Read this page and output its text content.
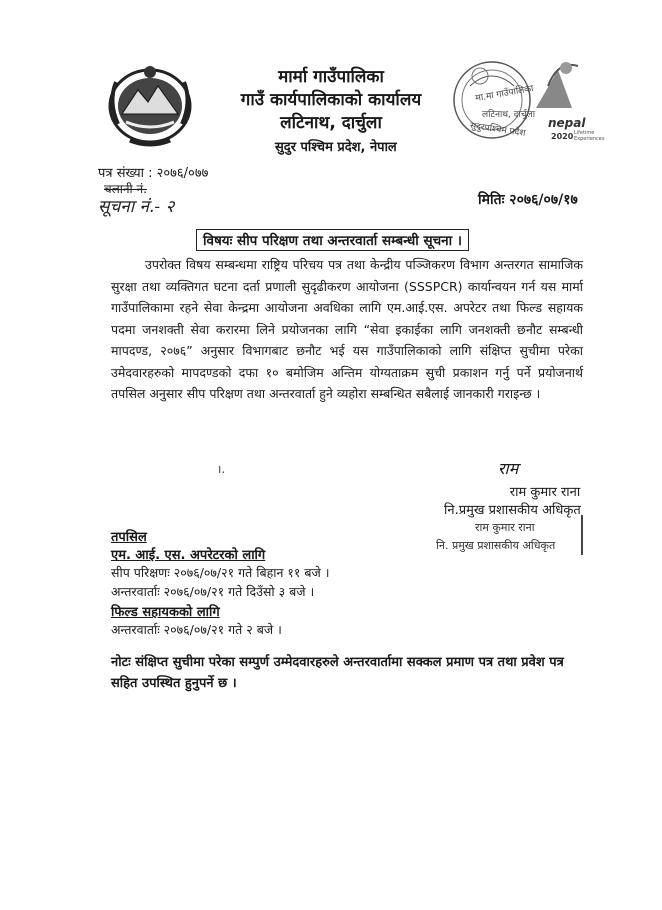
मा.मा गाउँपालिका
लटिनाथ, दार्चुला
सुदुरपश्चिम प्रदेश nepal
2020 Lifetime Experiences
मार्मा गाउँपालिका
गाउँ कार्यपालिकाको कार्यालय
लटिनाथ, दार्चुला
सुदुर पश्चिम प्रदेश, नेपाल
पत्र संख्या : २०७६/०७७
चलानी नं.
सूचना नं.- २	मितिः २०७६/०७/१७
विषयः सीप परिक्षण तथा अन्तरवार्ता सम्बन्धी सूचना ।
उपरोक्त विषय सम्बन्धमा राष्ट्रिय परिचय पत्र तथा केन्द्रीय पञ्जिकरण विभाग अन्तरगत सामाजिक सुरक्षा तथा व्यक्तिगत घटना दर्ता प्रणाली सुदृढीकरण आयोजना (SSSPCR) कार्यान्वयन गर्न यस मार्मा गाउँपालिकामा रहने सेवा केन्द्रमा आयोजना अवधिका लागि एम.आई.एस. अपरेटर तथा फिल्ड सहायक पदमा जनशक्ती सेवा करारमा लिने प्रयोजनका लागि “सेवा इकाईका लागि जनशक्ती छनौट सम्बन्धी मापदण्ड, २०७६” अनुसार विभागबाट छनौट भई यस गाउँपालिकाको लागि संक्षिप्त सुचीमा परेका उमेदवारहरुको मापदण्डको दफा १० बमोजिम अन्तिम योग्यताक्रम सुची प्रकाशन गर्नु पर्ने प्रयोजनार्थ तपसिल अनुसार सीप परिक्षण तथा अन्तरवार्ता हुने व्यहोरा सम्बन्धित सबैलाई जानकारी गराइन्छ ।
ı.	राम
राम कुमार राना
नि.प्रमुख प्रशासकीय अधिकृत
राम कुमार राना
नि. प्रमुख प्रशासकीय अधिकृत
तपसिल
एम. आई. एस. अपरेटरको लागि
सीप परिक्षणः २०७६/०७/२१ गते बिहान ११ बजे ।
अन्तरवार्ताः २०७६/०७/२१ गते दिउँसो ३ बजे ।
फिल्ड सहायकको लागि
अन्तरवार्ताः २०७६/०७/२१ गते २ बजे ।
नोटः संक्षिप्त सुचीमा परेका सम्पुर्ण उम्मेदवारहरुले अन्तरवार्तामा सक्कल प्रमाण पत्र तथा प्रवेश पत्र सहित उपस्थित हुनुपर्ने छ ।
